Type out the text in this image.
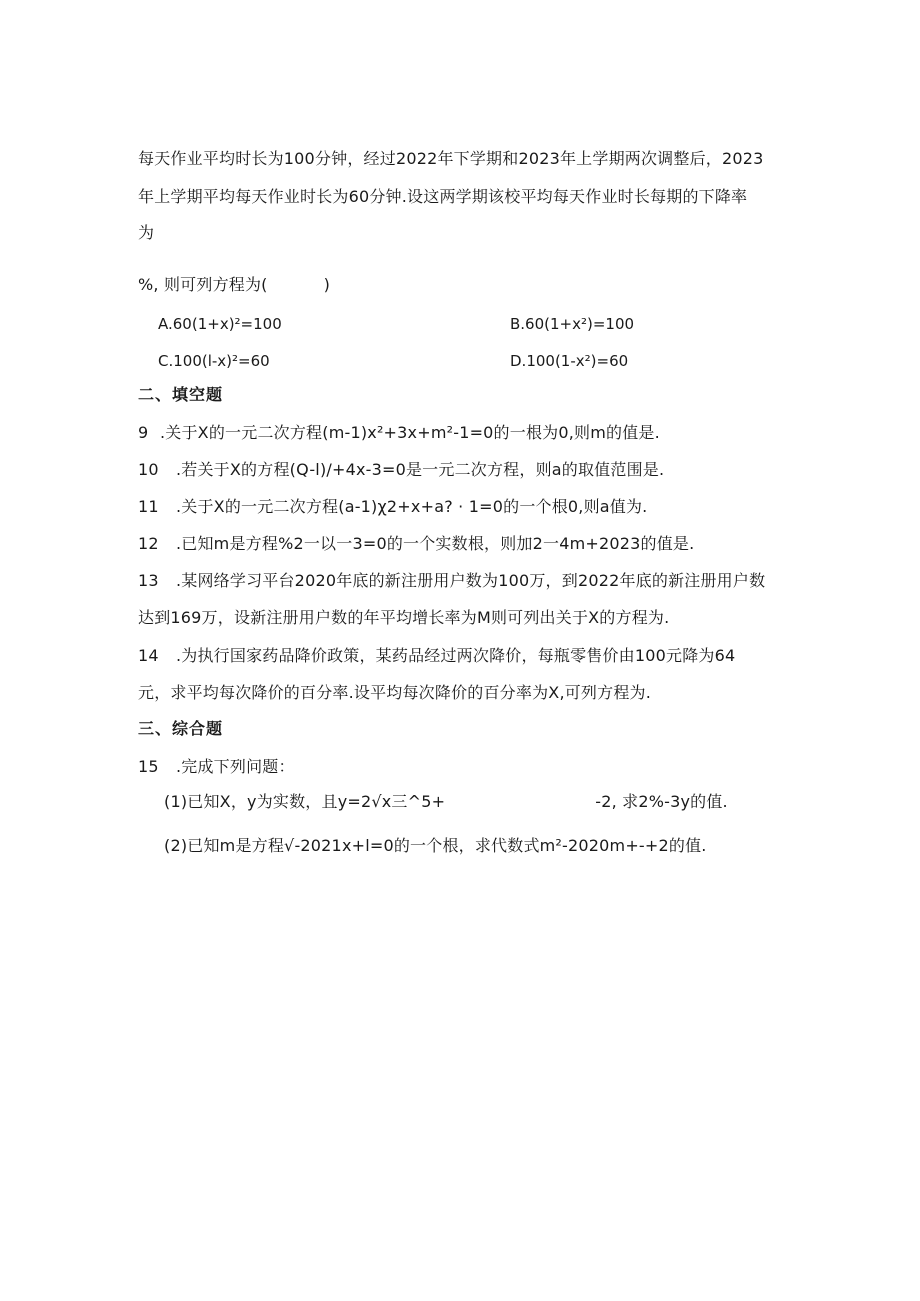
每天作业平均时长为100分钟，经过2022年下学期和2023年上学期两次调整后，2023
年上学期平均每天作业时长为60分钟.设这两学期该校平均每天作业时长每期的下降率
为
%, 则可列方程为(	)
A.60(1+x)²=100	B.60(1+x²)=100
C.100(l-x)²=60	D.100(1-x²)=60
二、填空题
9 .关于X的一元二次方程(m-1)x²+3x+m²-1=0的一根为0,则m的值是.
10 .若关于X的方程(Q-l)/+4x-3=0是一元二次方程，则a的取值范围是.
11 .关于X的一元二次方程(a-1)χ2+x+a? · 1=0的一个根0,则a值为.
12 .已知m是方程%2一以一3=0的一个实数根，则加2一4m+2023的值是.
13 .某网络学习平台2020年底的新注册用户数为100万，到2022年底的新注册用户数
达到169万，设新注册用户数的年平均增长率为M则可列出关于X的方程为.
14 .为执行国家药品降价政策，某药品经过两次降价，每瓶零售价由100元降为64
元，求平均每次降价的百分率.设平均每次降价的百分率为X,可列方程为.
三、综合题
15 .完成下列问题：
(1)已知X，y为实数，且y=2√x三^5+	-2, 求2%-3y的值.
(2)已知m是方程√-2021x+l=0的一个根，求代数式m²-2020m+-+2的值.
